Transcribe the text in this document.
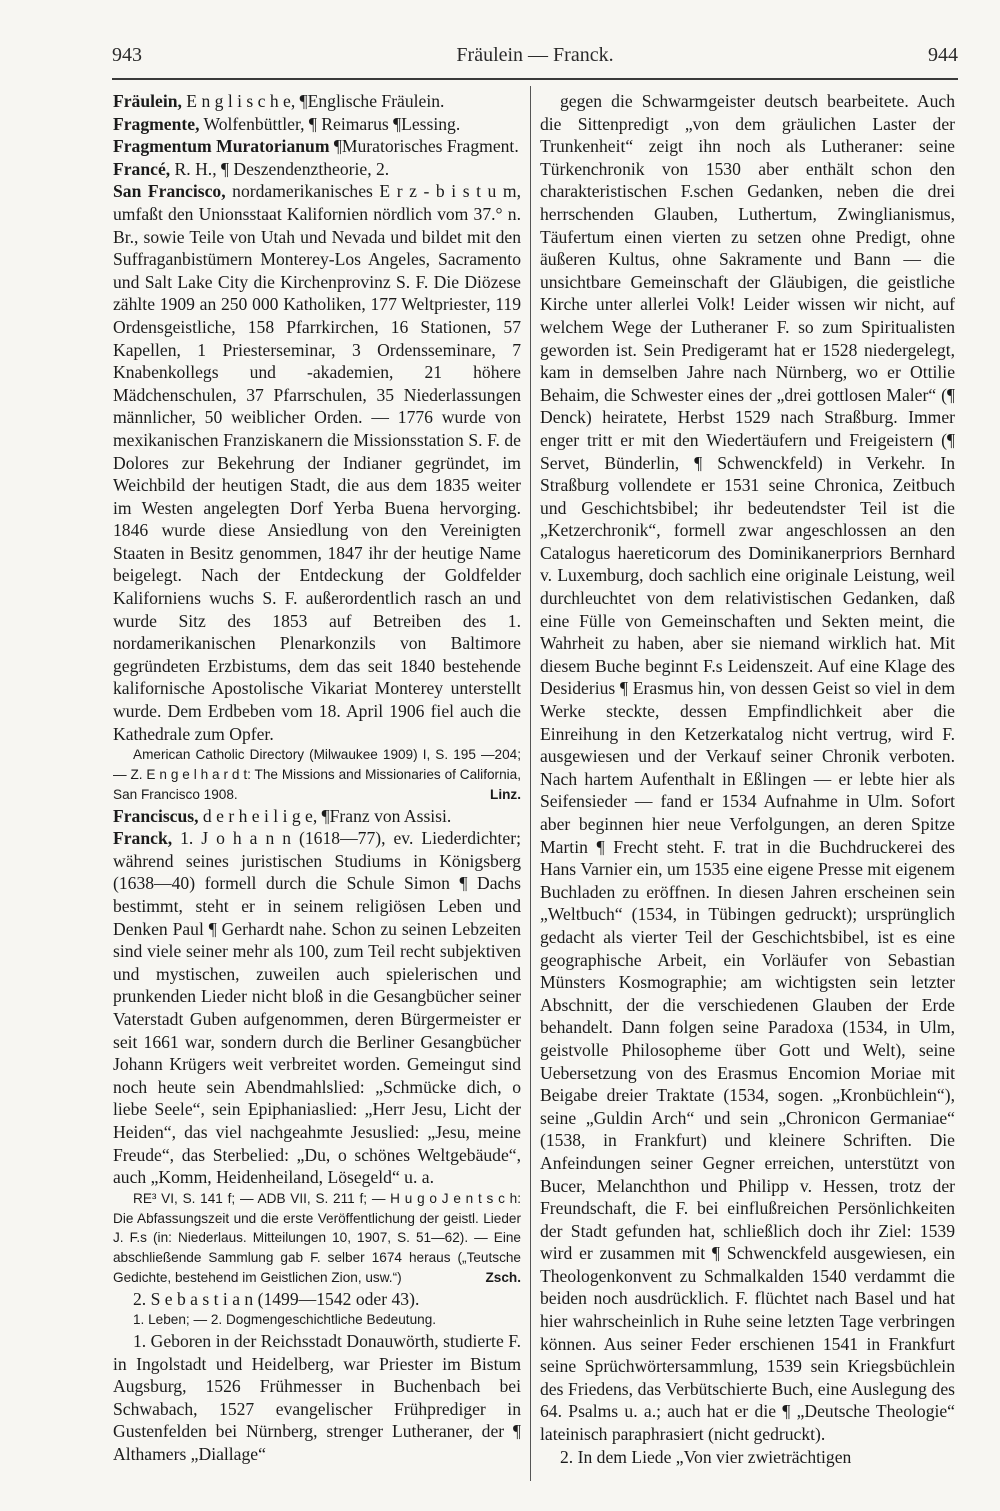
943	Fräulein — Franck.	944

Fräulein, E n g l i s c h e, ¶Englische Fräulein.

Fragmente, Wolfenbüttler, ¶ Reimarus ¶Lessing.

Fragmentum Muratorianum ¶Muratorisches Fragment.

Francé, R. H., ¶ Deszendenztheorie, 2.

San Francisco, nordamerikanisches E r z - b i s t u m, umfaßt den Unionsstaat Kalifornien nördlich vom 37.° n. Br., sowie Teile von Utah und Nevada und bildet mit den Suffraganbistümern Monterey-Los Angeles, Sacramento und Salt Lake City die Kirchenprovinz S. F. Die Diözese zählte 1909 an 250 000 Katholiken, 177 Weltpriester, 119 Ordensgeistliche, 158 Pfarrkirchen, 16 Stationen, 57 Kapellen, 1 Priesterseminar, 3 Ordensseminare, 7 Knabenkollegs und -akademien, 21 höhere Mädchenschulen, 37 Pfarrschulen, 35 Niederlassungen männlicher, 50 weiblicher Orden. — 1776 wurde von mexikanischen Franziskanern die Missionsstation S. F. de Dolores zur Bekehrung der Indianer gegründet, im Weichbild der heutigen Stadt, die aus dem 1835 weiter im Westen angelegten Dorf Yerba Buena hervorging. 1846 wurde diese Ansiedlung von den Vereinigten Staaten in Besitz genommen, 1847 ihr der heutige Name beigelegt. Nach der Entdeckung der Goldfelder Kaliforniens wuchs S. F. außerordentlich rasch an und wurde Sitz des 1853 auf Betreiben des 1. nordamerikanischen Plenarkonzils von Baltimore gegründeten Erzbistums, dem das seit 1840 bestehende kalifornische Apostolische Vikariat Monterey unterstellt wurde. Dem Erdbeben vom 18. April 1906 fiel auch die Kathedrale zum Opfer.

American Catholic Directory (Milwaukee 1909) I, S. 195 —204; — Z. E n g e l h a r d t: The Missions and Missionaries of California, San Francisco 1908.	Linz.

Franciscus, d e r h e i l i g e, ¶Franz von Assisi.

Franck, 1. J o h a n n (1618—77), ev. Liederdichter; während seines juristischen Studiums in Königsberg (1638—40) formell durch die Schule Simon ¶ Dachs bestimmt, steht er in seinem religiösen Leben und Denken Paul ¶ Gerhardt nahe. Schon zu seinen Lebzeiten sind viele seiner mehr als 100, zum Teil recht subjektiven und mystischen, zuweilen auch spielerischen und prunkenden Lieder nicht bloß in die Gesangbücher seiner Vaterstadt Guben aufgenommen, deren Bürgermeister er seit 1661 war, sondern durch die Berliner Gesangbücher Johann Krügers weit verbreitet worden. Gemeingut sind noch heute sein Abendmahlslied: „Schmücke dich, o liebe Seele“, sein Epiphaniaslied: „Herr Jesu, Licht der Heiden“, das viel nachgeahmte Jesuslied: „Jesu, meine Freude“, das Sterbelied: „Du, o schönes Weltgebäude“, auch „Komm, Heidenheiland, Lösegeld“ u. a.

RE³ VI, S. 141 f; — ADB VII, S. 211 f; — H u g o J e n t s c h: Die Abfassungszeit und die erste Veröffentlichung der geistl. Lieder J. F.s (in: Niederlaus. Mitteilungen 10, 1907, S. 51—62). — Eine abschließende Sammlung gab F. selber 1674 heraus („Teutsche Gedichte, bestehend im Geistlichen Zion, usw.“)	Zsch.

2. S e b a s t i a n (1499—1542 oder 43).

1. Leben; — 2. Dogmengeschichtliche Bedeutung.

1. Geboren in der Reichsstadt Donauwörth, studierte F. in Ingolstadt und Heidelberg, war Priester im Bistum Augsburg, 1526 Frühmesser in Buchenbach bei Schwabach, 1527 evangelischer Frühprediger in Gustenfelden bei Nürnberg, strenger Lutheraner, der ¶ Althamers „Diallage“

gegen die Schwarmgeister deutsch bearbeitete. Auch die Sittenpredigt „von dem gräulichen Laster der Trunkenheit“ zeigt ihn noch als Lutheraner: seine Türkenchronik von 1530 aber enthält schon den charakteristischen F.schen Gedanken, neben die drei herrschenden Glauben, Luthertum, Zwinglianismus, Täufertum einen vierten zu setzen ohne Predigt, ohne äußeren Kultus, ohne Sakramente und Bann — die unsichtbare Gemeinschaft der Gläubigen, die geistliche Kirche unter allerlei Volk! Leider wissen wir nicht, auf welchem Wege der Lutheraner F. so zum Spiritualisten geworden ist. Sein Predigeramt hat er 1528 niedergelegt, kam in demselben Jahre nach Nürnberg, wo er Ottilie Behaim, die Schwester eines der „drei gottlosen Maler“ (¶ Denck) heiratete, Herbst 1529 nach Straßburg. Immer enger tritt er mit den Wiedertäufern und Freigeistern (¶ Servet, Bünderlin, ¶ Schwenckfeld) in Verkehr. In Straßburg vollendete er 1531 seine Chronica, Zeitbuch und Geschichtsbibel; ihr bedeutendster Teil ist die „Ketzerchronik“, formell zwar angeschlossen an den Catalogus haereticorum des Dominikanerpriors Bernhard v. Luxemburg, doch sachlich eine originale Leistung, weil durchleuchtet von dem relativistischen Gedanken, daß eine Fülle von Gemeinschaften und Sekten meint, die Wahrheit zu haben, aber sie niemand wirklich hat. Mit diesem Buche beginnt F.s Leidenszeit. Auf eine Klage des Desiderius ¶ Erasmus hin, von dessen Geist so viel in dem Werke steckte, dessen Empfindlichkeit aber die Einreihung in den Ketzerkatalog nicht vertrug, wird F. ausgewiesen und der Verkauf seiner Chronik verboten. Nach hartem Aufenthalt in Eßlingen — er lebte hier als Seifensieder — fand er 1534 Aufnahme in Ulm. Sofort aber beginnen hier neue Verfolgungen, an deren Spitze Martin ¶ Frecht steht. F. trat in die Buchdruckerei des Hans Varnier ein, um 1535 eine eigene Presse mit eigenem Buchladen zu eröffnen. In diesen Jahren erscheinen sein „Weltbuch“ (1534, in Tübingen gedruckt); ursprünglich gedacht als vierter Teil der Geschichtsbibel, ist es eine geographische Arbeit, ein Vorläufer von Sebastian Münsters Kosmographie; am wichtigsten sein letzter Abschnitt, der die verschiedenen Glauben der Erde behandelt. Dann folgen seine Paradoxa (1534, in Ulm, geistvolle Philosopheme über Gott und Welt), seine Uebersetzung von des Erasmus Encomion Moriae mit Beigabe dreier Traktate (1534, sogen. „Kronbüchlein“), seine „Guldin Arch“ und sein „Chronicon Germaniae“ (1538, in Frankfurt) und kleinere Schriften. Die Anfeindungen seiner Gegner erreichen, unterstützt von Bucer, Melanchthon und Philipp v. Hessen, trotz der Freundschaft, die F. bei einflußreichen Persönlichkeiten der Stadt gefunden hat, schließlich doch ihr Ziel: 1539 wird er zusammen mit ¶ Schwenckfeld ausgewiesen, ein Theologenkonvent zu Schmalkalden 1540 verdammt die beiden noch ausdrücklich. F. flüchtet nach Basel und hat hier wahrscheinlich in Ruhe seine letzten Tage verbringen können. Aus seiner Feder erschienen 1541 in Frankfurt seine Sprüchwörtersammlung, 1539 sein Kriegsbüchlein des Friedens, das Verbütschierte Buch, eine Auslegung des 64. Psalms u. a.; auch hat er die ¶ „Deutsche Theologie“ lateinisch paraphrasiert (nicht gedruckt).

2. In dem Liede „Von vier zwieträchtigen
